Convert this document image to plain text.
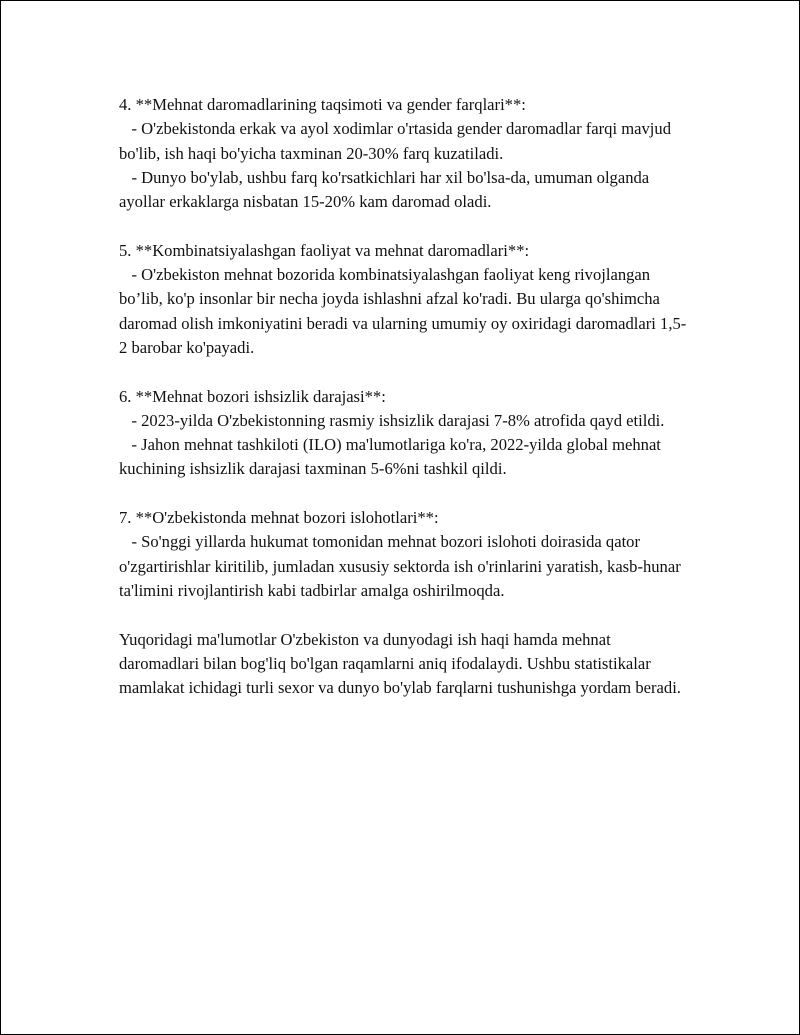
4. **Mehnat daromadlarining taqsimoti va gender farqlari**:
- O'zbekistonda erkak va ayol xodimlar o'rtasida gender daromadlar farqi mavjud bo'lib, ish haqi bo'yicha taxminan 20-30% farq kuzatiladi.
- Dunyo bo'ylab, ushbu farq ko'rsatkichlari har xil bo'lsa-da, umuman olganda ayollar erkaklarga nisbatan 15-20% kam daromad oladi.
5. **Kombinatsiyalashgan faoliyat va mehnat daromadlari**:
- O'zbekiston mehnat bozorida kombinatsiyalashgan faoliyat keng rivojlangan bo’lib, ko'p insonlar bir necha joyda ishlashni afzal ko'radi. Bu ularga qo'shimcha daromad olish imkoniyatini beradi va ularning umumiy oy oxiridagi daromadlari 1,5-2 barobar ko'payadi.
6. **Mehnat bozori ishsizlik darajasi**:
- 2023-yilda O'zbekistonning rasmiy ishsizlik darajasi 7-8% atrofida qayd etildi.
- Jahon mehnat tashkiloti (ILO) ma'lumotlariga ko'ra, 2022-yilda global mehnat kuchining ishsizlik darajasi taxminan 5-6%ni tashkil qildi.
7. **O'zbekistonda mehnat bozori islohotlari**:
- So'nggi yillarda hukumat tomonidan mehnat bozori islohoti doirasida qator o'zgartirishlar kiritilib, jumladan xususiy sektorda ish o'rinlarini yaratish, kasb-hunar ta'limini rivojlantirish kabi tadbirlar amalga oshirilmoqda.
Yuqoridagi ma'lumotlar O'zbekiston va dunyodagi ish haqi hamda mehnat daromadlari bilan bog'liq bo'lgan raqamlarni aniq ifodalaydi. Ushbu statistikalar mamlakat ichidagi turli sexor va dunyo bo'ylab farqlarni tushunishga yordam beradi.
